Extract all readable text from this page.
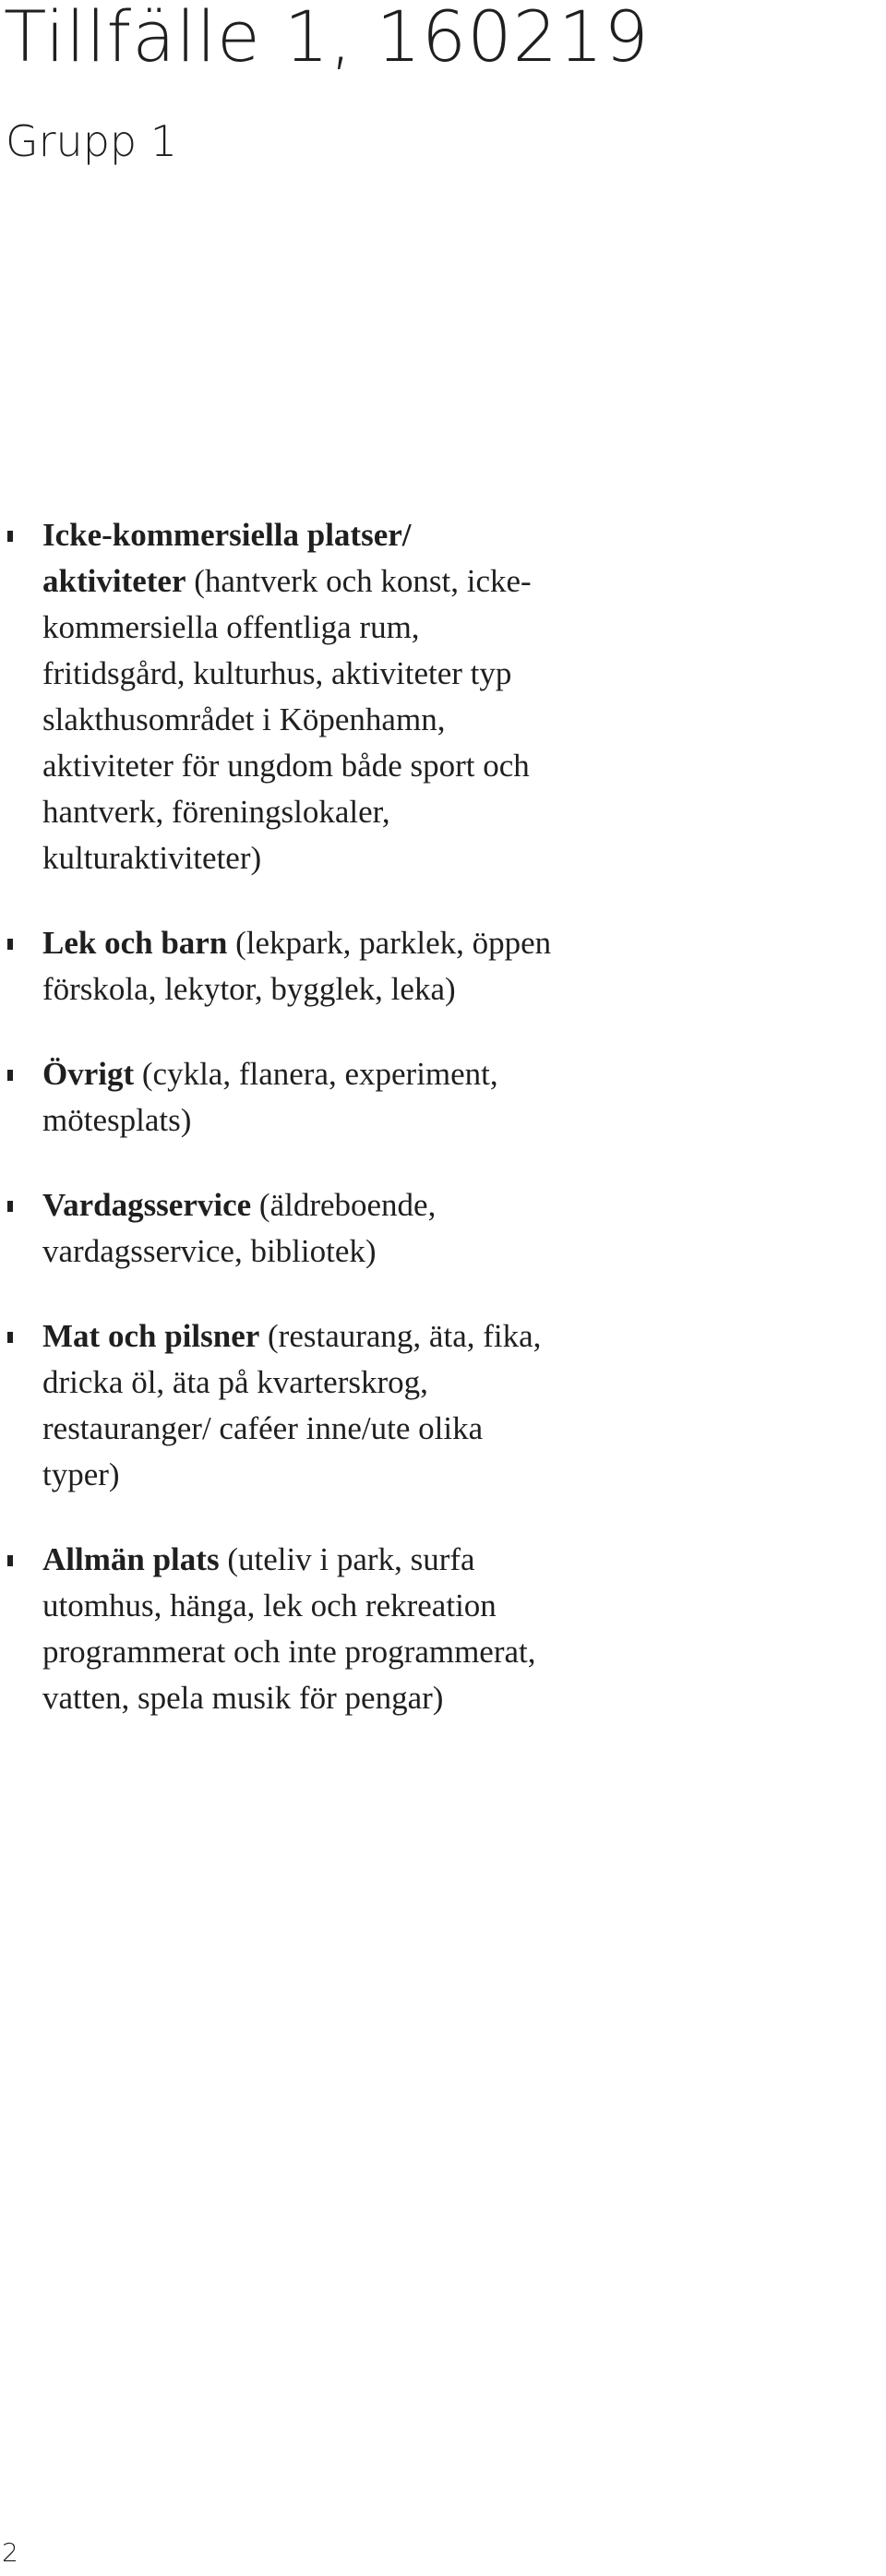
Tillfälle 1, 160219
Grupp 1
Icke-kommersiella platser/ aktiviteter (hantverk och konst, icke-kommersiella offentliga rum, fritidsgård, kulturhus, aktiviteter typ slakthusområdet i Köpenhamn, aktiviteter för ungdom både sport och hantverk, föreningslokaler, kulturaktiviteter)
Lek och barn (lekpark, parklek, öppen förskola, lekytor, bygglek, leka)
Övrigt (cykla, flanera, experiment, mötesplats)
Vardagsservice (äldreboende, vardagsservice, bibliotek)
Mat och pilsner (restaurang, äta, fika, dricka öl, äta på kvarterskrog, restauranger/ caféer inne/ute olika typer)
Allmän plats (uteliv i park, surfa utomhus, hänga, lek och rekreation programmerat och inte programmerat, vatten, spela musik för pengar)
2
